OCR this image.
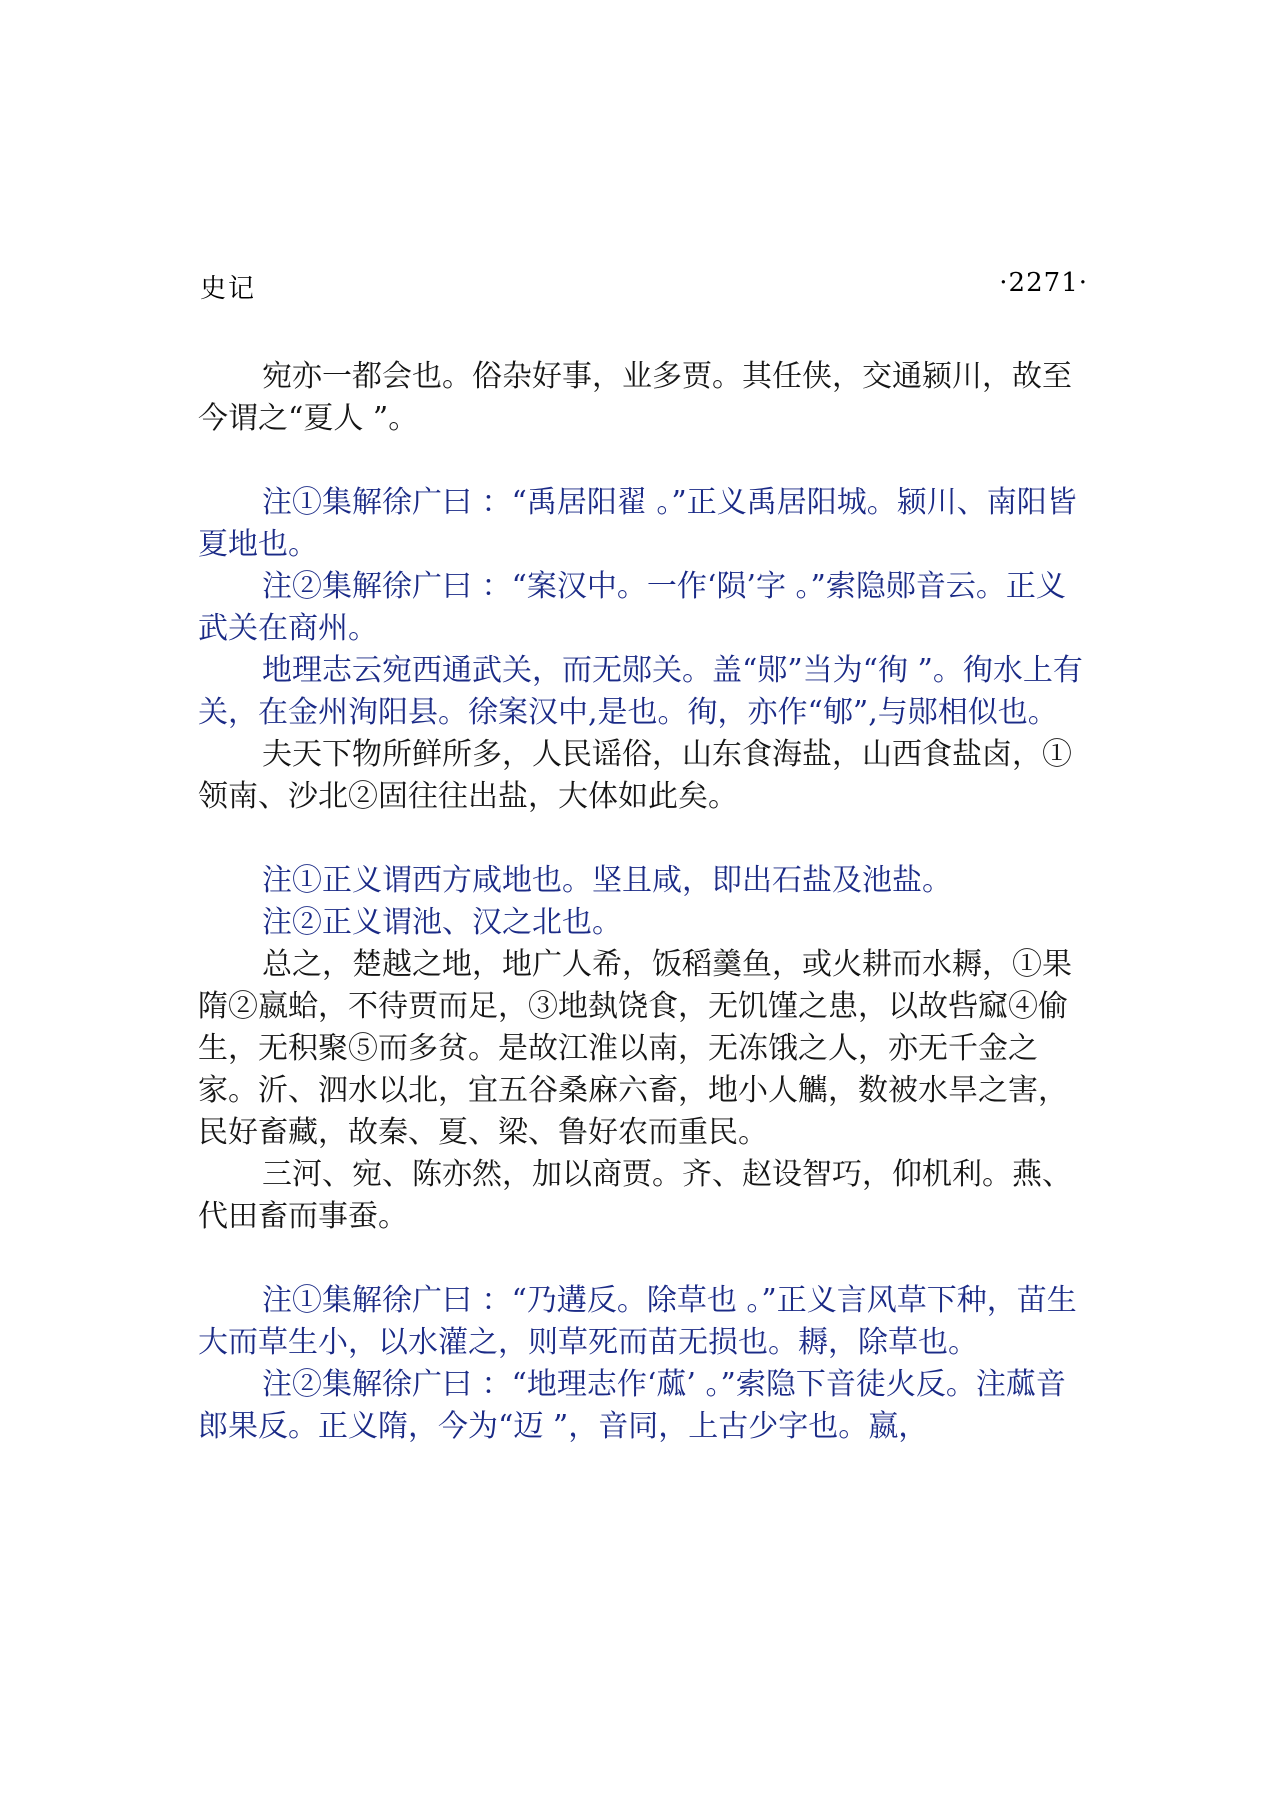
史记	·2271·

宛亦一都会也。俗杂好事，业多贾。其任侠，交通颍川，故至今谓之“夏人 ”。

注①集解徐广曰 ：“禹居阳翟 。”正义禹居阳城。颍川、南阳皆夏地也。

注②集解徐广曰 ：“案汉中。一作‘陨’字 。”索隐郧音云。正义武关在商州。

地理志云宛西通武关，而无郧关。盖“郧”当为“徇 ”。徇水上有关，在金州洵阳县。徐案汉中,是也。徇，亦作“郇”,与郧相似也。

夫天下物所鲜所多，人民谣俗，山东食海盐，山西食盐卤，①领南、沙北②固往往出盐，大体如此矣。

注①正义谓西方咸地也。坚且咸，即出石盐及池盐。

注②正义谓池、汉之北也。

总之，楚越之地，地广人希，饭稻羹鱼，或火耕而水耨，①果隋②嬴蛤，不待贾而足，③地埶饶食，无饥馑之患，以故呰窳④偷生，无积聚⑤而多贫。是故江淮以南，无冻饿之人，亦无千金之家。沂、泗水以北，宜五谷桑麻六畜，地小人觽，数被水旱之害，民好畜藏，故秦、夏、梁、鲁好农而重民。

三河、宛、陈亦然，加以商贾。齐、赵设智巧，仰机利。燕、代田畜而事蚕。

注①集解徐广曰 ：“乃遘反。除草也 。”正义言风草下种，苗生大而草生小，以水灌之，则草死而苗无损也。耨，除草也。

注②集解徐广曰 ：“地理志作‘蓏’ 。”索隐下音徒火反。注蓏音郎果反。正义隋，今为“迈 ”，音同，上古少字也。嬴，
